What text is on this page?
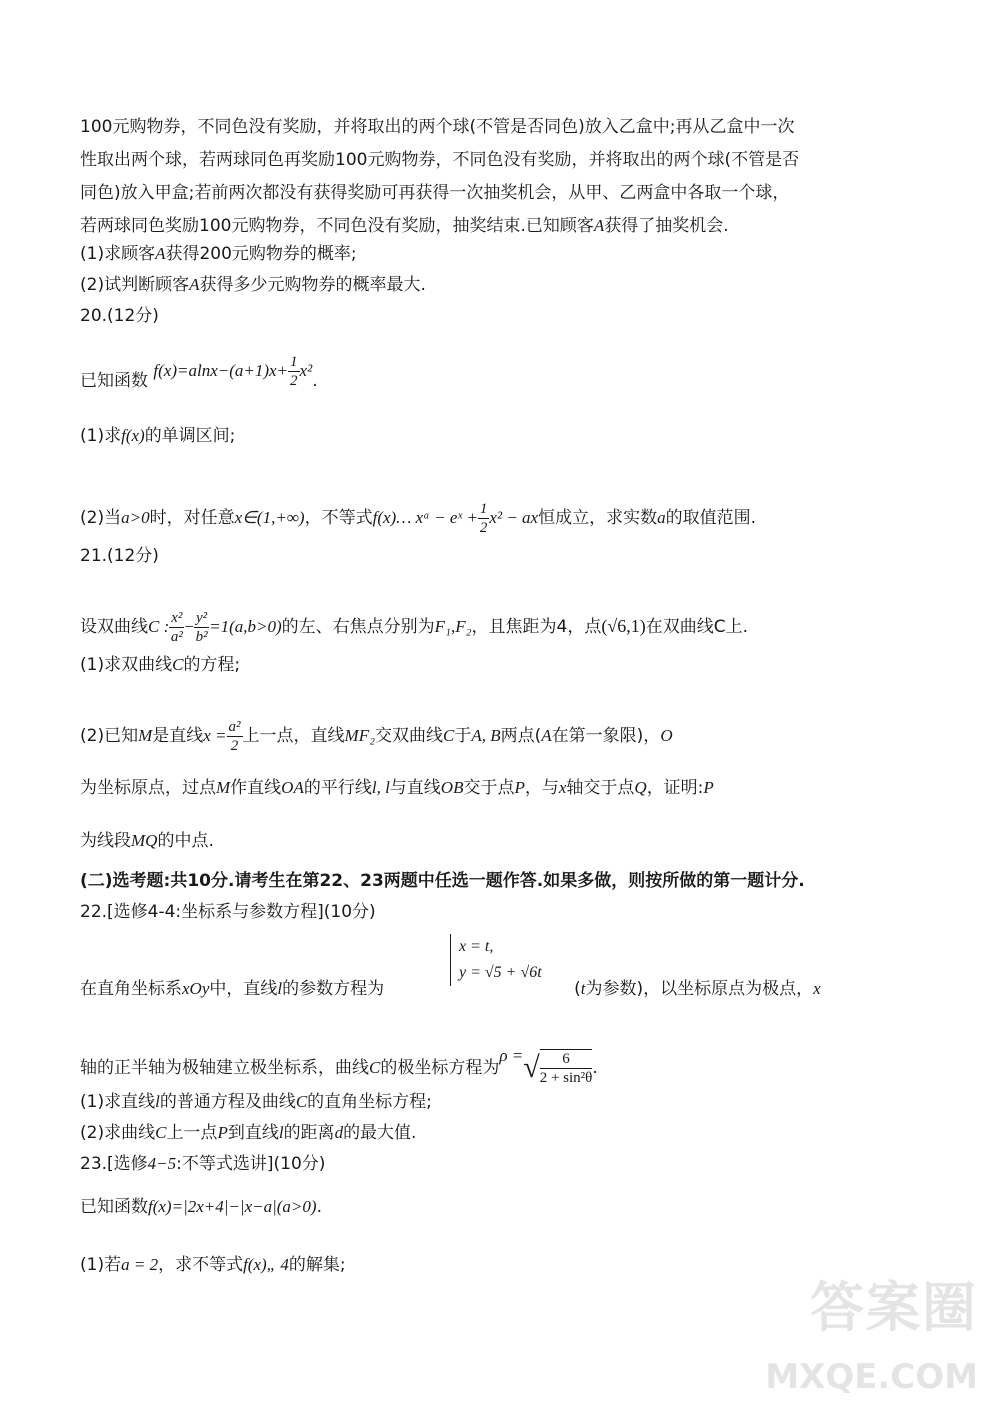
100元购物券，不同色没有奖励，并将取出的两个球(不管是否同色)放入乙盒中;再从乙盒中一次
性取出两个球，若两球同色再奖励100元购物券，不同色没有奖励，并将取出的两个球(不管是否
同色)放入甲盒;若前两次都没有获得奖励可再获得一次抽奖机会，从甲、乙两盒中各取一个球，
若两球同色奖励100元购物券，不同色没有奖励，抽奖结束.已知顾客A获得了抽奖机会.
(1)求顾客A获得200元购物券的概率;
(2)试判断顾客A获得多少元购物券的概率最大.
20.(12分)
已知函数 $f(x)=alnx-(a+1)x+ \frac{1}{2} x^2$.
(1)求f(x)的单调区间;
(2)当a>0时，对任意x∈(1,+∞)，不等式f(x)… xᵃ − eˣ + $\frac{1}{2} x^2$ − ax恒成立，求实数a的取值范围.
21.(12分)
设双曲线C : $\frac{\text{x²}}{\text{a²}} - \frac{\text{y²}}{\text{b²}} =1(a,b>0)$的左、右焦点分别为F₁,F₂，且焦距为4，点(√6,1)在双曲线C上.
(1)求双曲线C的方程;
(2)已知M是直线$x = \frac{\text{a²}}{2}$ 上一点，直线MF₂交双曲线C于A, B两点(A在第一象限)，O
为坐标原点，过点M作直线OA的平行线l, l与直线OB交于点P，与x轴交于点Q，证明:P
为线段MQ的中点.
(二)选考题:共10分.请考生在第22、23两题中任选一题作答.如果多做，则按所做的第一题计分.
22.[选修4-4:坐标系与参数方程](10分)
x = t,
y = √5 + √6t
在直角坐标系xOy中，直线l的参数方程为	(t为参数)，以坐标原点为极点，x
轴的正半轴为极轴建立极坐标系，曲线C的极坐标方程为ρ =√ $\frac{6}{\text{2 + sin²θ}}$ .
(1)求直线l的普通方程及曲线C的直角坐标方程;
(2)求曲线C上一点P到直线l的距离d的最大值.
23.[选修4−5:不等式选讲](10分)
已知函数f(x)=|2x+4|−|x−a|(a>0).
(1)若a = 2，求不等式f(x)„ 4的解集;
答案圈
MXQE.COM
